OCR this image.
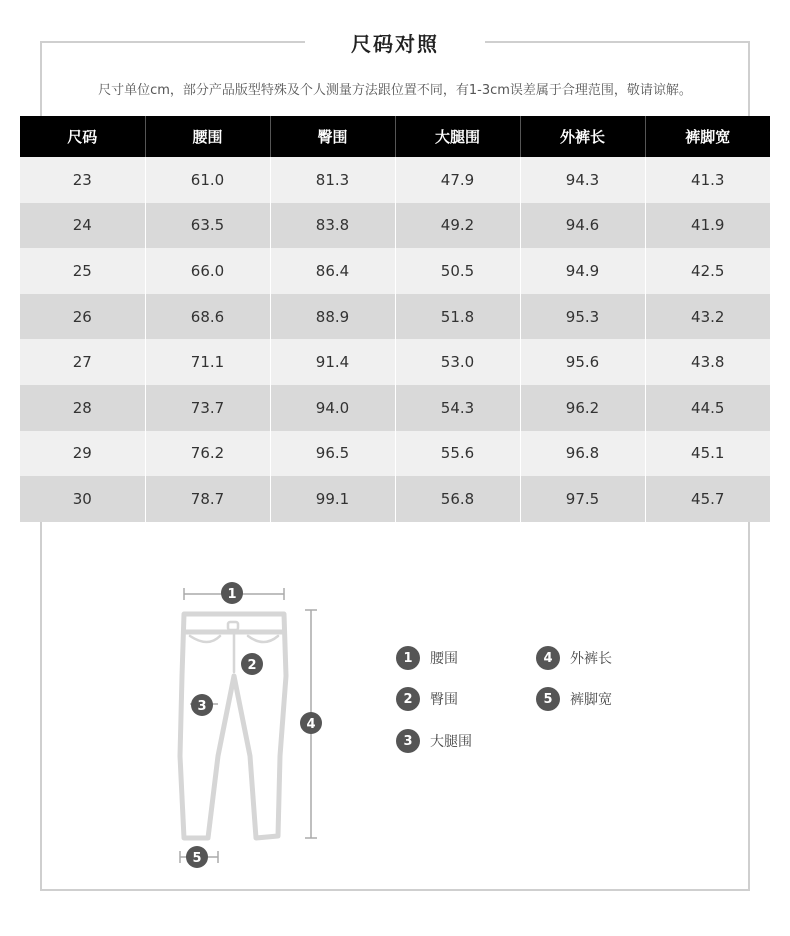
尺码对照
尺寸单位cm，部分产品版型特殊及个人测量方法跟位置不同，有1-3cm误差属于合理范围，敬请谅解。
尺码	腰围	臀围	大腿围	外裤长	裤脚宽
23	61.0	81.3	47.9	94.3	41.3
24	63.5	83.8	49.2	94.6	41.9
25	66.0	86.4	50.5	94.9	42.5
26	68.6	88.9	51.8	95.3	43.2
27	71.1	91.4	53.0	95.6	43.8
28	73.7	94.0	54.3	96.2	44.5
29	76.2	96.5	55.6	96.8	45.1
30	78.7	99.1	56.8	97.5	45.7
1
2
3
4
5
1	腰围
2	臀围
3	大腿围
4	外裤长
5	裤脚宽
